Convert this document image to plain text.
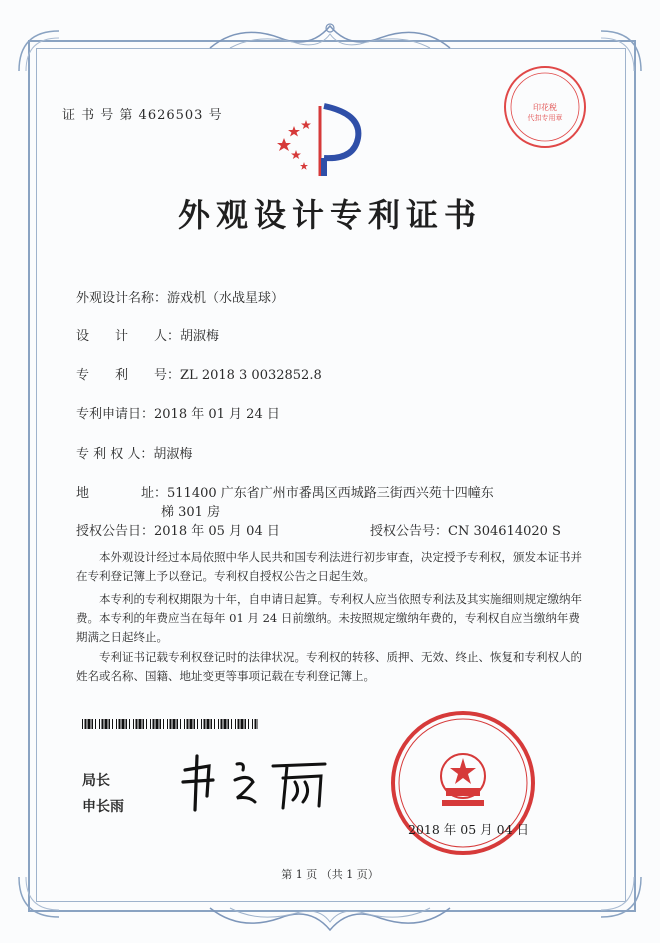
证 书 号 第 4626503 号
印花税
代扣专用章
外观设计专利证书
外观设计名称：游戏机（水战星球）
设　　计　　人：胡淑梅
专　　利　　号：ZL 2018 3 0032852.8
专利申请日：2018 年 01 月 24 日
专 利 权 人：胡淑梅
地　　　　址：511400 广东省广州市番禺区西城路三街西兴苑十四幢东
梯 301 房
授权公告日：2018 年 05 月 04 日	授权公告号：CN 304614020 S
本外观设计经过本局依照中华人民共和国专利法进行初步审查，决定授予专利权，颁发本证书并在专利登记簿上予以登记。专利权自授权公告之日起生效。
本专利的专利权期限为十年，自申请日起算。专利权人应当依照专利法及其实施细则规定缴纳年费。本专利的年费应当在每年 01 月 24 日前缴纳。未按照规定缴纳年费的，专利权自应当缴纳年费期满之日起终止。
专利证书记载专利权登记时的法律状况。专利权的转移、质押、无效、终止、恢复和专利权人的姓名或名称、国籍、地址变更等事项记载在专利登记簿上。
局长
申长雨
2018 年 05 月 04 日
第 1 页 （共 1 页）
